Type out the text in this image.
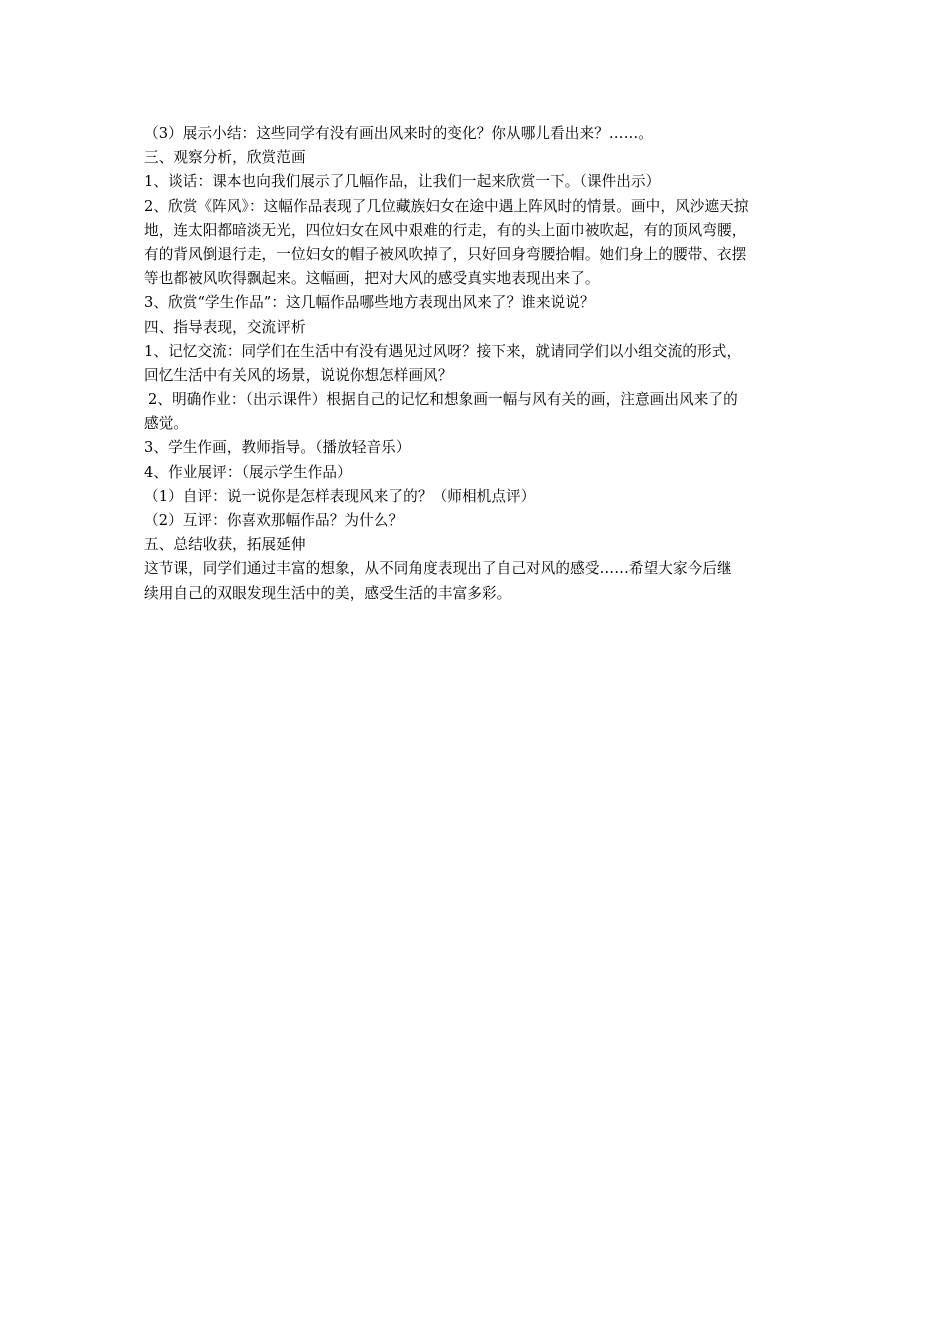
（3）展示小结：这些同学有没有画出风来时的变化？你从哪儿看出来？……。
三、观察分析，欣赏范画
1、谈话：课本也向我们展示了几幅作品，让我们一起来欣赏一下。（课件出示）
2、欣赏《阵风》：这幅作品表现了几位藏族妇女在途中遇上阵风时的情景。画中，风沙遮天掠
地，连太阳都暗淡无光，四位妇女在风中艰难的行走，有的头上面巾被吹起，有的顶风弯腰，
有的背风倒退行走，一位妇女的帽子被风吹掉了，只好回身弯腰拾帽。她们身上的腰带、衣摆
等也都被风吹得飘起来。这幅画，把对大风的感受真实地表现出来了。
3、欣赏“学生作品”：这几幅作品哪些地方表现出风来了？谁来说说？
四、指导表现，交流评析
1、记忆交流：同学们在生活中有没有遇见过风呀？接下来，就请同学们以小组交流的形式，
回忆生活中有关风的场景，说说你想怎样画风？
2、明确作业：（出示课件）根据自己的记忆和想象画一幅与风有关的画，注意画出风来了的
感觉。
3、学生作画，教师指导。（播放轻音乐）
4、作业展评：（展示学生作品）
（1）自评：说一说你是怎样表现风来了的？（师相机点评）
（2）互评：你喜欢那幅作品？为什么？
五、总结收获，拓展延伸
这节课，同学们通过丰富的想象，从不同角度表现出了自己对风的感受……希望大家今后继
续用自己的双眼发现生活中的美，感受生活的丰富多彩。
